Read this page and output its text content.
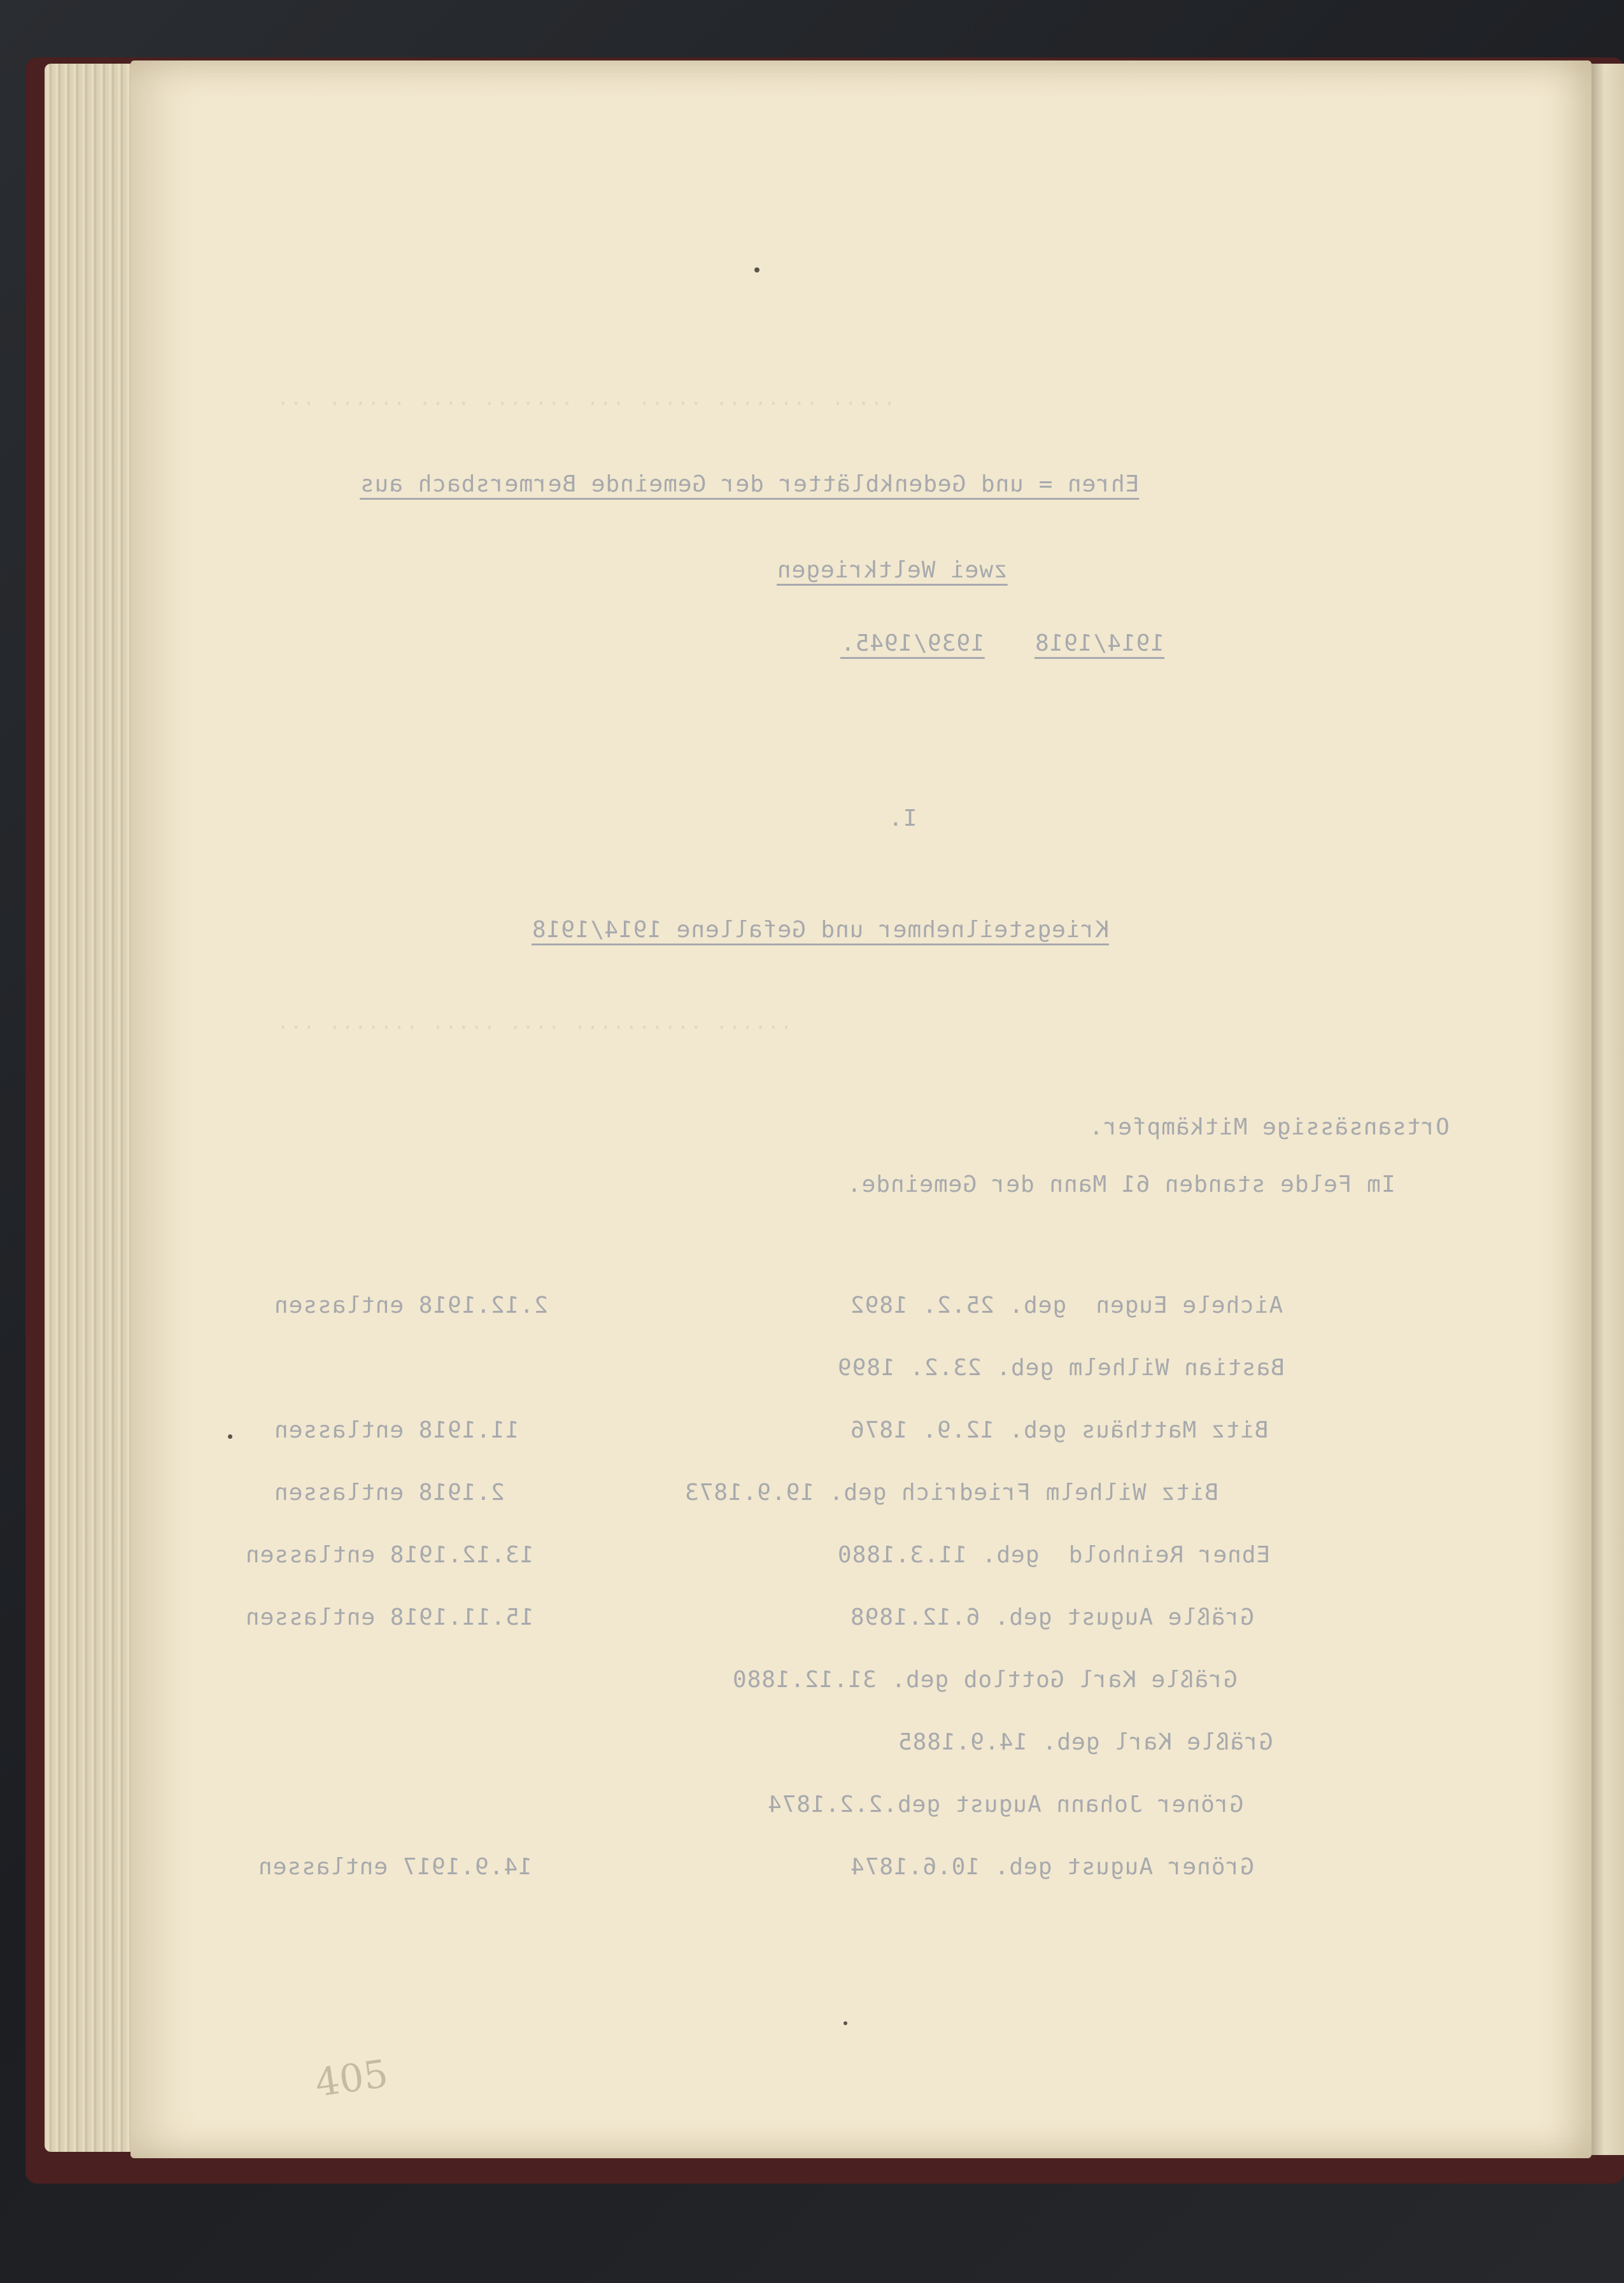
··· ······ ···· ······· ··· ····· ········ ·····
··· ······· ····· ···· ·········· ······
Ehren = und Gedenkblätter der Gemeinde Bermersbach aus
zwei Weltkriegen
1939/1945. 1914/1918
I.
Kriegsteilnehmer und Gefallene 1914/1918
Ortsansässige Mitkämpfer.
Im Felde standen 61 Mann der Gemeinde.
Aichele Eugen  geb. 25.2. 1892
2.12.1918 entlassen
Bastian Wilhelm geb. 23.2. 1899
Bitz Matthäus geb. 12.9. 1876
11.1918 entlassen
Bitz Wilhelm Friedrich geb. 19.9.1873
2.1918 entlassen
Ebner Reinhold  geb. 11.3.1880
13.12.1918 entlassen
Gräßle August geb. 6.12.1898
15.11.1918 entlassen
Gräßle Karl Gottlob geb. 31.12.1880
Gräßle Karl geb. 14.9.1885
Gröner Johann August geb.2.2.1874
Gröner August geb. 10.6.1874
14.9.1917 entlassen
405
